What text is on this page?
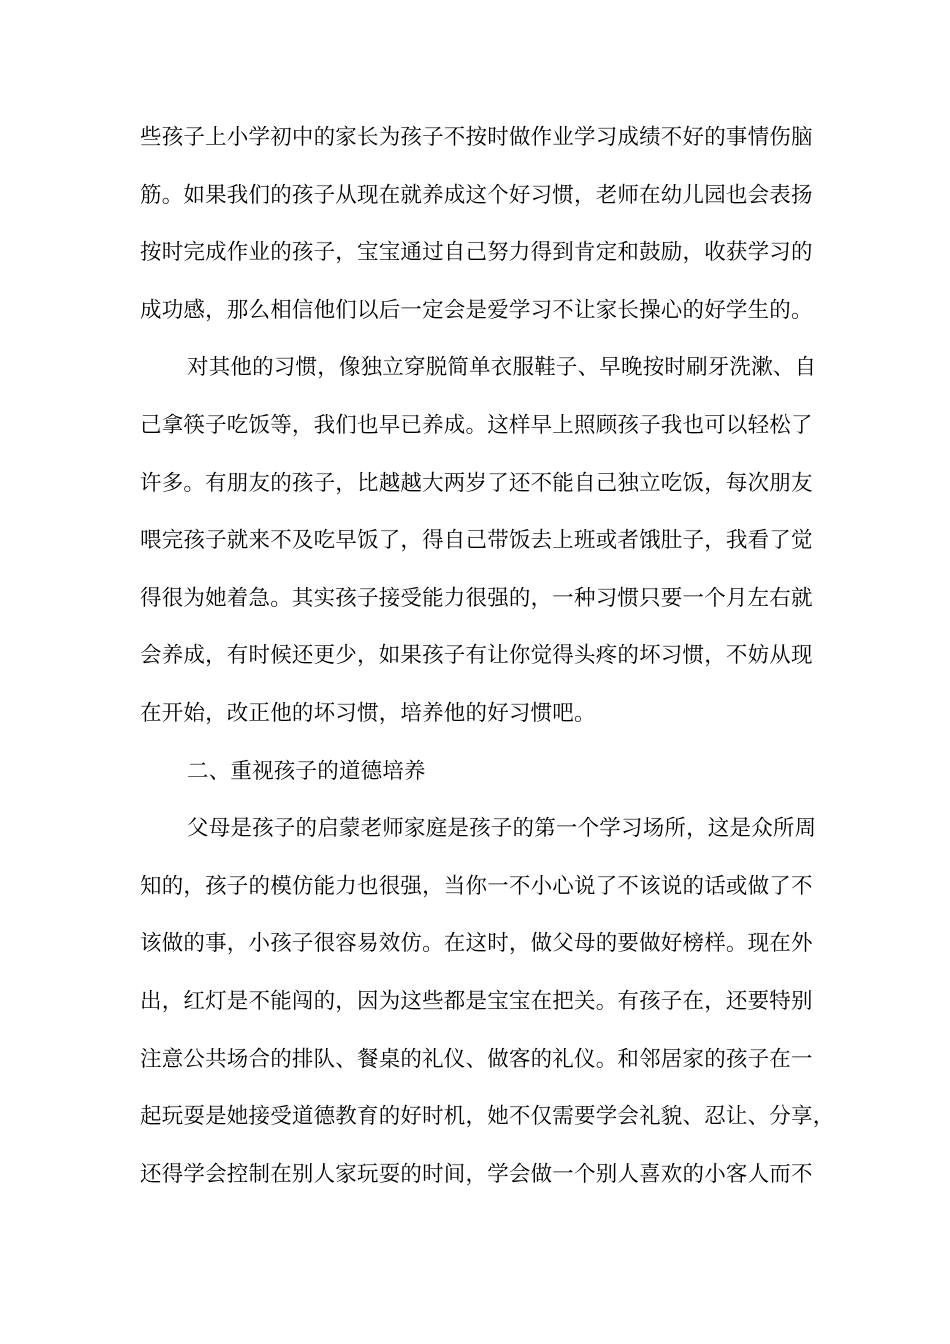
些孩子上小学初中的家长为孩子不按时做作业学习成绩不好的事情伤脑
筋。如果我们的孩子从现在就养成这个好习惯，老师在幼儿园也会表扬
按时完成作业的孩子，宝宝通过自己努力得到肯定和鼓励，收获学习的
成功感，那么相信他们以后一定会是爱学习不让家长操心的好学生的。
对其他的习惯，像独立穿脱简单衣服鞋子、早晚按时刷牙洗漱、自
己拿筷子吃饭等，我们也早已养成。这样早上照顾孩子我也可以轻松了
许多。有朋友的孩子，比越越大两岁了还不能自己独立吃饭，每次朋友
喂完孩子就来不及吃早饭了，得自己带饭去上班或者饿肚子，我看了觉
得很为她着急。其实孩子接受能力很强的，一种习惯只要一个月左右就
会养成，有时候还更少，如果孩子有让你觉得头疼的坏习惯，不妨从现
在开始，改正他的坏习惯，培养他的好习惯吧。
二、重视孩子的道德培养
父母是孩子的启蒙老师家庭是孩子的第一个学习场所，这是众所周
知的，孩子的模仿能力也很强，当你一不小心说了不该说的话或做了不
该做的事，小孩子很容易效仿。在这时，做父母的要做好榜样。现在外
出，红灯是不能闯的，因为这些都是宝宝在把关。有孩子在，还要特别
注意公共场合的排队、餐桌的礼仪、做客的礼仪。和邻居家的孩子在一
起玩耍是她接受道德教育的好时机，她不仅需要学会礼貌、忍让、分享，
还得学会控制在别人家玩耍的时间，学会做一个别人喜欢的小客人而不
